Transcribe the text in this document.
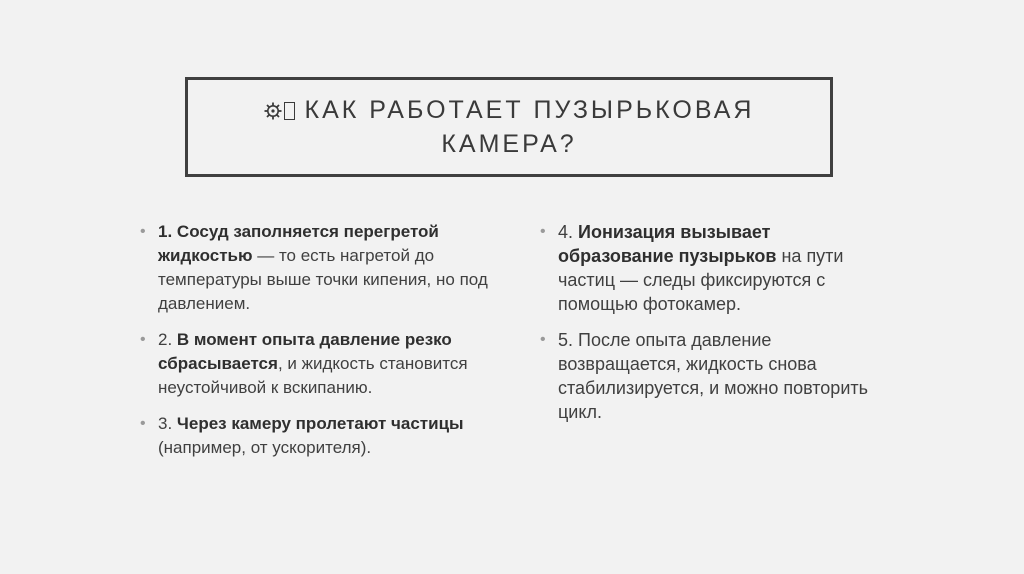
КАК РАБОТАЕТ ПУЗЫРЬКОВАЯ
КАМЕРА?
• 1. Сосуд заполняется перегретой жидкостью — то есть нагретой до температуры выше точки кипения, но под давлением.
• 2. В момент опыта давление резко сбрасывается, и жидкость становится неустойчивой к вскипанию.
• 3. Через камеру пролетают частицы (например, от ускорителя).
• 4. Ионизация вызывает образование пузырьков на пути частиц — следы фиксируются с помощью фотокамер.
• 5. После опыта давление возвращается, жидкость снова стабилизируется, и можно повторить цикл.
